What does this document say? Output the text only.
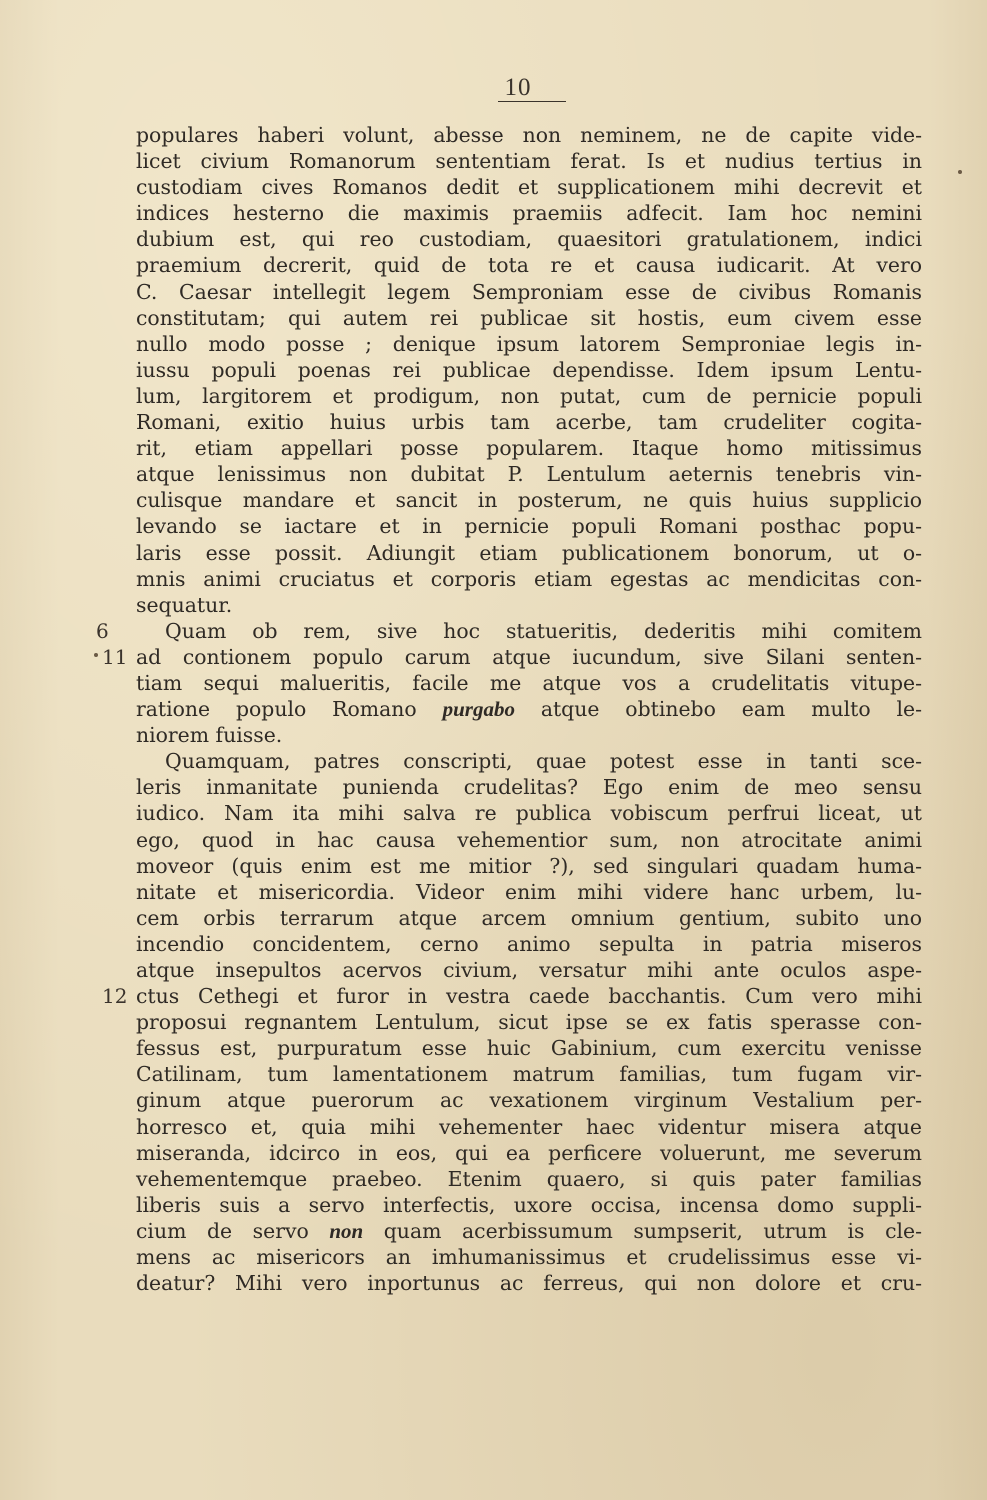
10
populares haberi volunt, abesse non neminem, ne de capite vide-
licet civium Romanorum sententiam ferat. Is et nudius tertius in
custodiam cives Romanos dedit et supplicationem mihi decrevit et
indices hesterno die maximis praemiis adfecit. Iam hoc nemini
dubium est, qui reo custodiam, quaesitori gratulationem, indici
praemium decrerit, quid de tota re et causa iudicarit. At vero
C. Caesar intellegit legem Semproniam esse de civibus Romanis
constitutam; qui autem rei publicae sit hostis, eum civem esse
nullo modo posse ; denique ipsum latorem Semproniae legis in-
iussu populi poenas rei publicae dependisse. Idem ipsum Lentu-
lum, largitorem et prodigum, non putat, cum de pernicie populi
Romani, exitio huius urbis tam acerbe, tam crudeliter cogita-
rit, etiam appellari posse popularem. Itaque homo mitissimus
atque lenissimus non dubitat P. Lentulum aeternis tenebris vin-
culisque mandare et sancit in posterum, ne quis huius supplicio
levando se iactare et in pernicie populi Romani posthac popu-
laris esse possit. Adiungit etiam publicationem bonorum, ut o-
mnis animi cruciatus et corporis etiam egestas ac mendicitas con-
sequatur.
6	Quam ob rem, sive hoc statueritis, dederitis mihi comitem
11 ad contionem populo carum atque iucundum, sive Silani senten-
tiam sequi malueritis, facile me atque vos a crudelitatis vitupe-
ratione populo Romano purgabo atque obtinebo eam multo le-
niorem fuisse.
Quamquam, patres conscripti, quae potest esse in tanti sce-
leris inmanitate punienda crudelitas? Ego enim de meo sensu
iudico. Nam ita mihi salva re publica vobiscum perfrui liceat, ut
ego, quod in hac causa vehementior sum, non atrocitate animi
moveor (quis enim est me mitior ?), sed singulari quadam huma-
nitate et misericordia. Videor enim mihi videre hanc urbem, lu-
cem orbis terrarum atque arcem omnium gentium, subito uno
incendio concidentem, cerno animo sepulta in patria miseros
atque insepultos acervos civium, versatur mihi ante oculos aspe-
12 ctus Cethegi et furor in vestra caede bacchantis. Cum vero mihi
proposui regnantem Lentulum, sicut ipse se ex fatis sperasse con-
fessus est, purpuratum esse huic Gabinium, cum exercitu venisse
Catilinam, tum lamentationem matrum familias, tum fugam vir-
ginum atque puerorum ac vexationem virginum Vestalium per-
horresco et, quia mihi vehementer haec videntur misera atque
miseranda, idcirco in eos, qui ea perficere voluerunt, me severum
vehementemque praebeo. Etenim quaero, si quis pater familias
liberis suis a servo interfectis, uxore occisa, incensa domo suppli-
cium de servo non quam acerbissumum sumpserit, utrum is cle-
mens ac misericors an imhumanissimus et crudelissimus esse vi-
deatur? Mihi vero inportunus ac ferreus, qui non dolore et cru-
